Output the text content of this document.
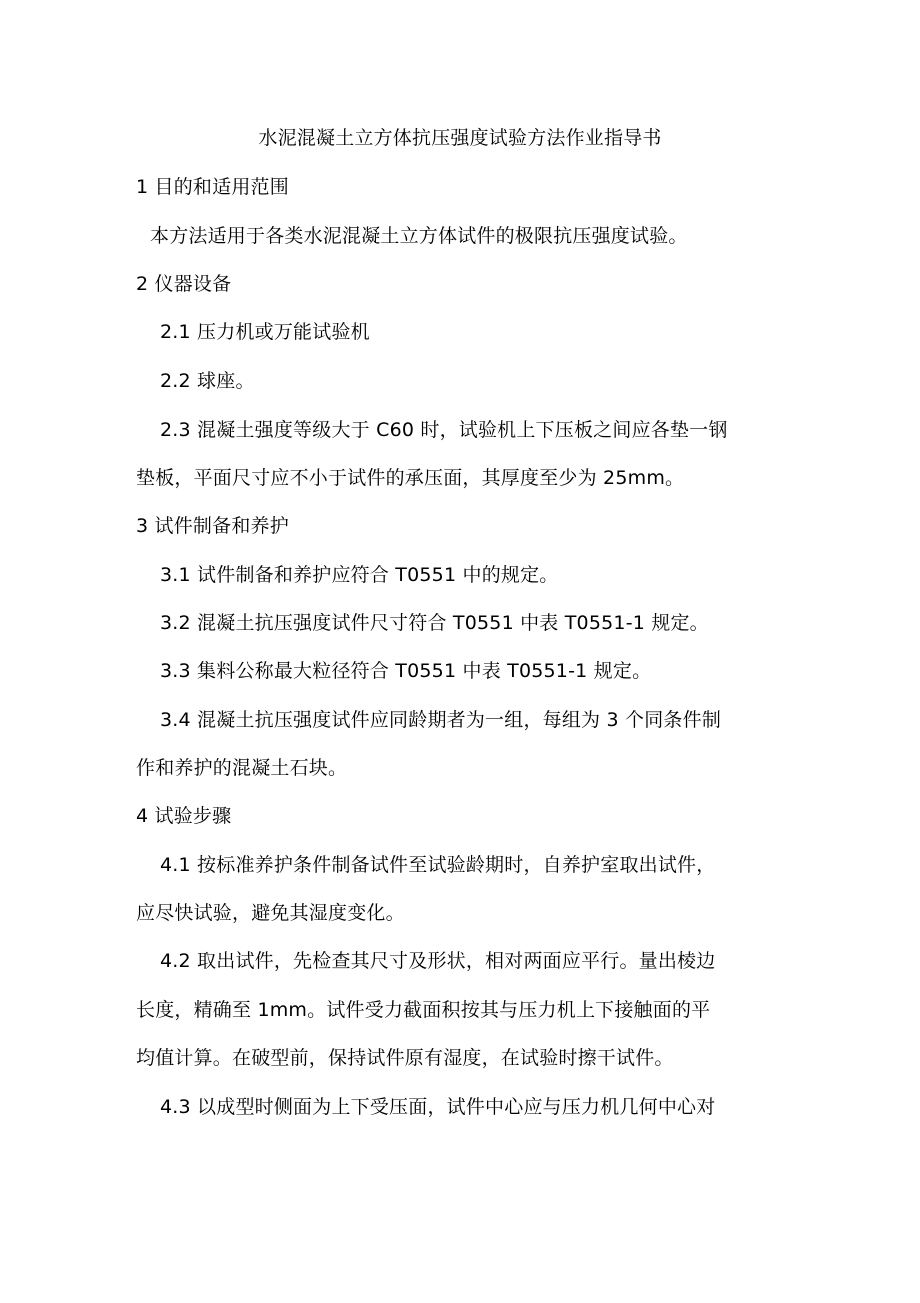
水泥混凝土立方体抗压强度试验方法作业指导书
1 目的和适用范围
本方法适用于各类水泥混凝土立方体试件的极限抗压强度试验。
2 仪器设备
2.1 压力机或万能试验机
2.2 球座。
2.3 混凝土强度等级大于 C60 时，试验机上下压板之间应各垫一钢
垫板，平面尺寸应不小于试件的承压面，其厚度至少为 25mm。
3 试件制备和养护
3.1 试件制备和养护应符合 T0551 中的规定。
3.2 混凝土抗压强度试件尺寸符合 T0551 中表 T0551-1 规定。
3.3 集料公称最大粒径符合 T0551 中表 T0551-1 规定。
3.4 混凝土抗压强度试件应同龄期者为一组，每组为 3 个同条件制
作和养护的混凝土石块。
4 试验步骤
4.1 按标准养护条件制备试件至试验龄期时，自养护室取出试件，
应尽快试验，避免其湿度变化。
4.2 取出试件，先检查其尺寸及形状，相对两面应平行。量出棱边
长度，精确至 1mm。试件受力截面积按其与压力机上下接触面的平
均值计算。在破型前，保持试件原有湿度，在试验时擦干试件。
4.3 以成型时侧面为上下受压面，试件中心应与压力机几何中心对
